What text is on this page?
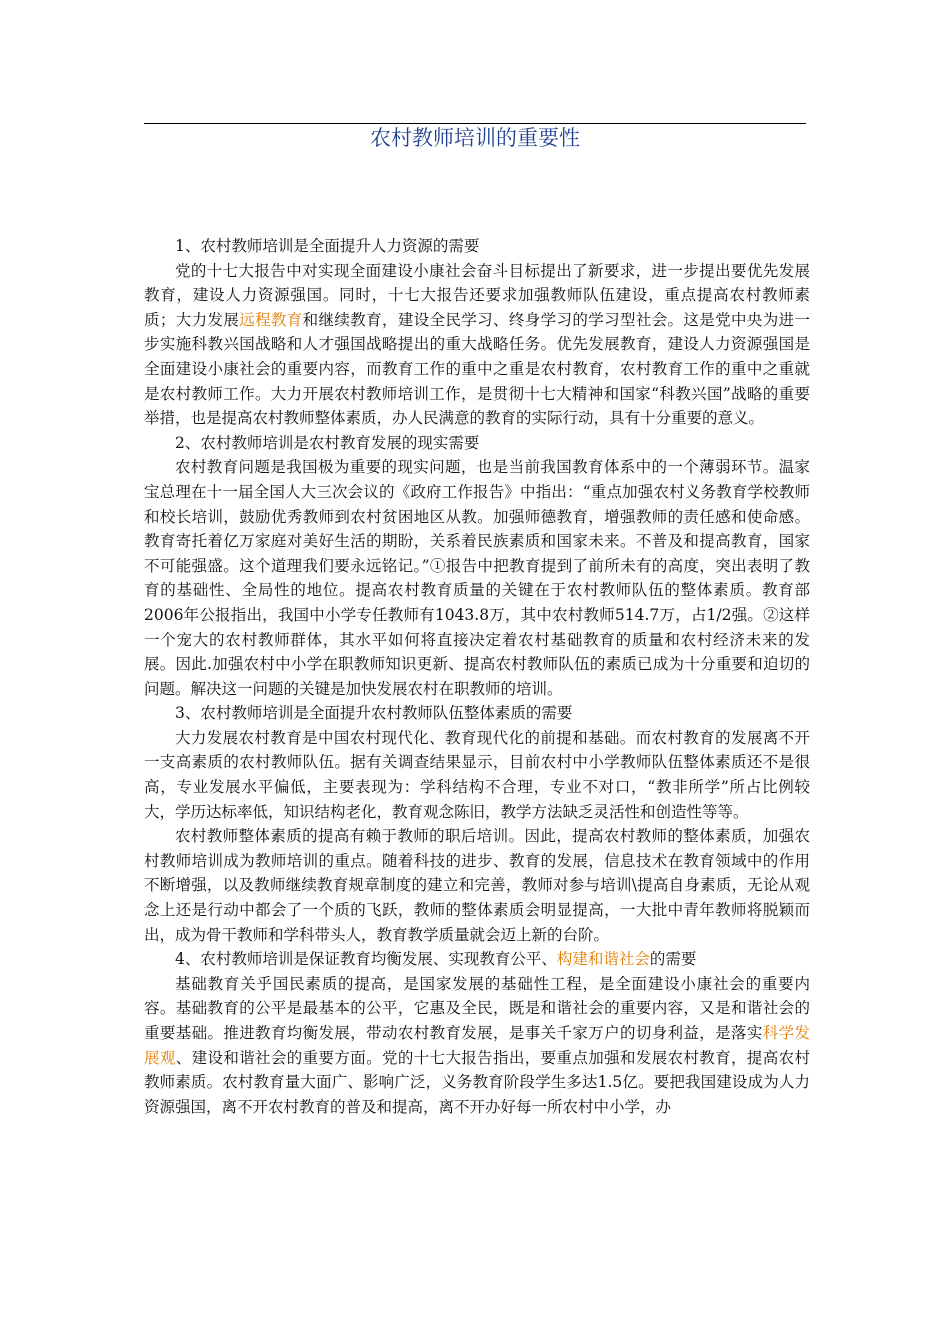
农村教师培训的重要性

1、农村教师培训是全面提升人力资源的需要

党的十七大报告中对实现全面建设小康社会奋斗目标提出了新要求，进一步提出要优先发展教育，建设人力资源强国。同时，十七大报告还要求加强教师队伍建设，重点提高农村教师素质；大力发展远程教育和继续教育，建设全民学习、终身学习的学习型社会。这是党中央为进一步实施科教兴国战略和人才强国战略提出的重大战略任务。优先发展教育，建设人力资源强国是全面建设小康社会的重要内容，而教育工作的重中之重是农村教育，农村教育工作的重中之重就是农村教师工作。大力开展农村教师培训工作，是贯彻十七大精神和国家“科教兴国”战略的重要举措，也是提高农村教师整体素质，办人民满意的教育的实际行动，具有十分重要的意义。

2、农村教师培训是农村教育发展的现实需要

农村教育问题是我国极为重要的现实问题，也是当前我国教育体系中的一个薄弱环节。温家宝总理在十一届全国人大三次会议的《政府工作报告》中指出：“重点加强农村义务教育学校教师和校长培训，鼓励优秀教师到农村贫困地区从教。加强师德教育，增强教师的责任感和使命感。教育寄托着亿万家庭对美好生活的期盼，关系着民族素质和国家未来。不普及和提高教育，国家不可能强盛。这个道理我们要永远铭记。”①报告中把教育提到了前所未有的高度，突出表明了教育的基础性、全局性的地位。提高农村教育质量的关键在于农村教师队伍的整体素质。教育部2006年公报指出，我国中小学专任教师有1043.8万，其中农村教师514.7万，占1/2强。②这样一个宠大的农村教师群体，其水平如何将直接决定着农村基础教育的质量和农村经济未来的发展。因此.加强农村中小学在职教师知识更新、提高农村教师队伍的素质已成为十分重要和迫切的问题。解决这一问题的关键是加快发展农村在职教师的培训。

3、农村教师培训是全面提升农村教师队伍整体素质的需要

大力发展农村教育是中国农村现代化、教育现代化的前提和基础。而农村教育的发展离不开一支高素质的农村教师队伍。据有关调查结果显示，目前农村中小学教师队伍整体素质还不是很高，专业发展水平偏低，主要表现为：学科结构不合理，专业不对口，“教非所学”所占比例较大，学历达标率低，知识结构老化，教育观念陈旧，教学方法缺乏灵活性和创造性等等。

农村教师整体素质的提高有赖于教师的职后培训。因此，提高农村教师的整体素质，加强农村教师培训成为教师培训的重点。随着科技的进步、教育的发展，信息技术在教育领域中的作用不断增强，以及教师继续教育规章制度的建立和完善，教师对参与培训\提高自身素质，无论从观念上还是行动中都会了一个质的飞跃，教师的整体素质会明显提高，一大批中青年教师将脱颖而出，成为骨干教师和学科带头人，教育教学质量就会迈上新的台阶。

4、农村教师培训是保证教育均衡发展、实现教育公平、构建和谐社会的需要

基础教育关乎国民素质的提高，是国家发展的基础性工程，是全面建设小康社会的重要内容。基础教育的公平是最基本的公平，它惠及全民，既是和谐社会的重要内容，又是和谐社会的重要基础。推进教育均衡发展，带动农村教育发展，是事关千家万户的切身利益，是落实科学发展观、建设和谐社会的重要方面。党的十七大报告指出，要重点加强和发展农村教育，提高农村教师素质。农村教育量大面广、影响广泛，义务教育阶段学生多达1.5亿。要把我国建设成为人力资源强国，离不开农村教育的普及和提高，离不开办好每一所农村中小学，办
